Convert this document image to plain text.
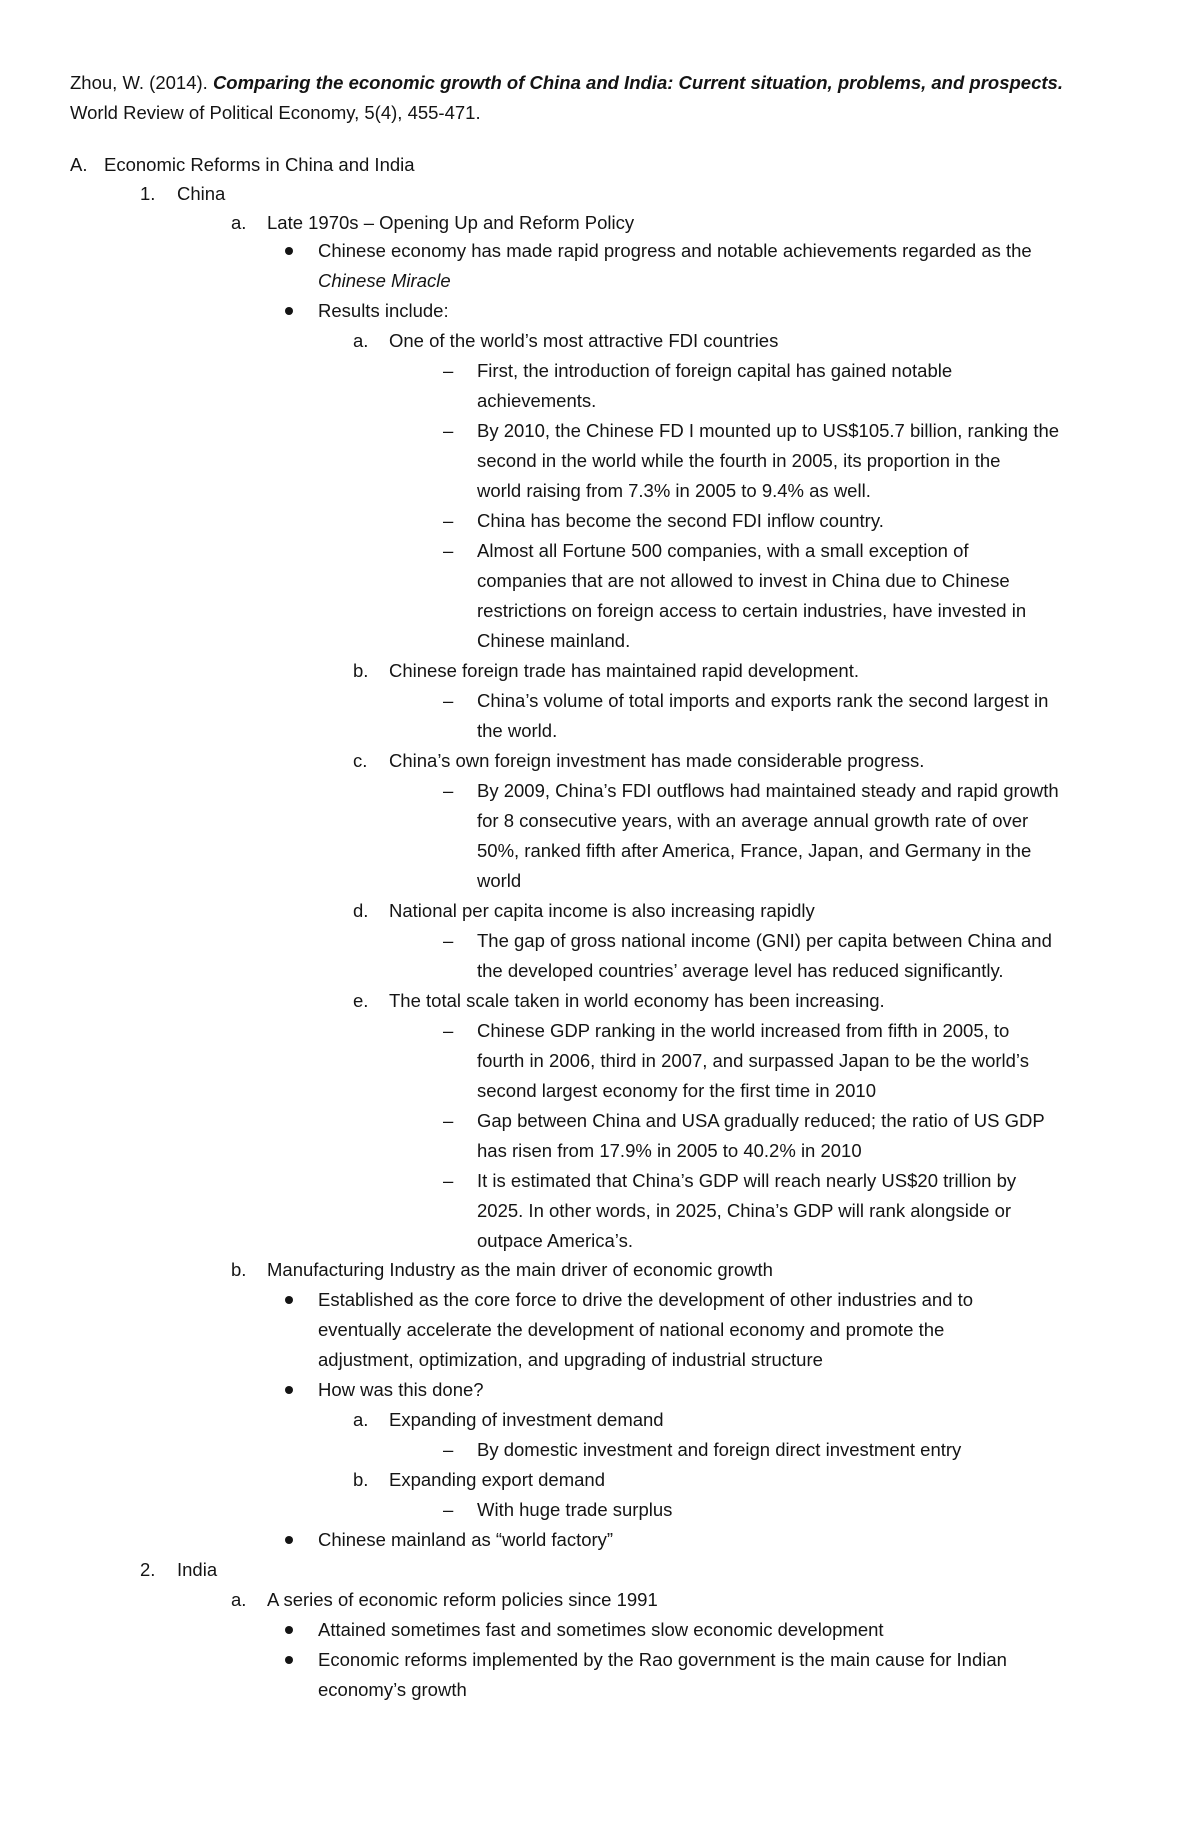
Zhou, W. (2014). Comparing the economic growth of China and India: Current situation, problems, and prospects.
World Review of Political Economy, 5(4), 455-471.
A. Economic Reforms in China and India
1. China
a. Late 1970s – Opening Up and Reform Policy
Chinese economy has made rapid progress and notable achievements regarded as the
Chinese Miracle
Results include:
a. One of the world’s most attractive FDI countries
– First, the introduction of foreign capital has gained notable
achievements.
– By 2010, the Chinese FD I mounted up to US$105.7 billion, ranking the
second in the world while the fourth in 2005, its proportion in the
world raising from 7.3% in 2005 to 9.4% as well.
– China has become the second FDI inflow country.
– Almost all Fortune 500 companies, with a small exception of
companies that are not allowed to invest in China due to Chinese
restrictions on foreign access to certain industries, have invested in
Chinese mainland.
b. Chinese foreign trade has maintained rapid development.
– China’s volume of total imports and exports rank the second largest in
the world.
c. China’s own foreign investment has made considerable progress.
– By 2009, China’s FDI outflows had maintained steady and rapid growth
for 8 consecutive years, with an average annual growth rate of over
50%, ranked fifth after America, France, Japan, and Germany in the
world
d. National per capita income is also increasing rapidly
– The gap of gross national income (GNI) per capita between China and
the developed countries’ average level has reduced significantly.
e. The total scale taken in world economy has been increasing.
– Chinese GDP ranking in the world increased from fifth in 2005, to
fourth in 2006, third in 2007, and surpassed Japan to be the world’s
second largest economy for the first time in 2010
– Gap between China and USA gradually reduced; the ratio of US GDP
has risen from 17.9% in 2005 to 40.2% in 2010
– It is estimated that China’s GDP will reach nearly US$20 trillion by
2025. In other words, in 2025, China’s GDP will rank alongside or
outpace America’s.
b. Manufacturing Industry as the main driver of economic growth
Established as the core force to drive the development of other industries and to
eventually accelerate the development of national economy and promote the
adjustment, optimization, and upgrading of industrial structure
How was this done?
a. Expanding of investment demand
– By domestic investment and foreign direct investment entry
b. Expanding export demand
– With huge trade surplus
Chinese mainland as “world factory”
2. India
a. A series of economic reform policies since 1991
Attained sometimes fast and sometimes slow economic development
Economic reforms implemented by the Rao government is the main cause for Indian
economy’s growth
